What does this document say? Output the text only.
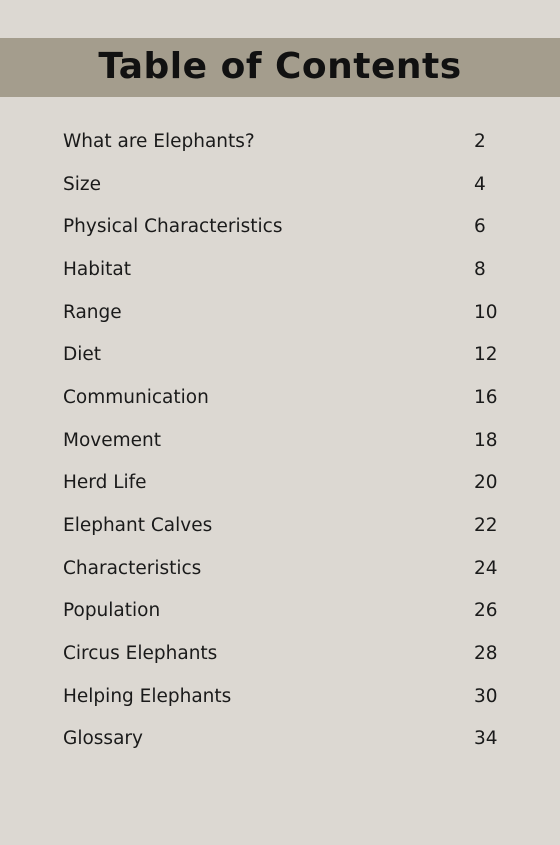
Table of Contents
What are Elephants?	2
Size	4
Physical Characteristics	6
Habitat	8
Range	10
Diet	12
Communication	16
Movement	18
Herd Life	20
Elephant Calves	22
Characteristics	24
Population	26
Circus Elephants	28
Helping Elephants	30
Glossary	34
